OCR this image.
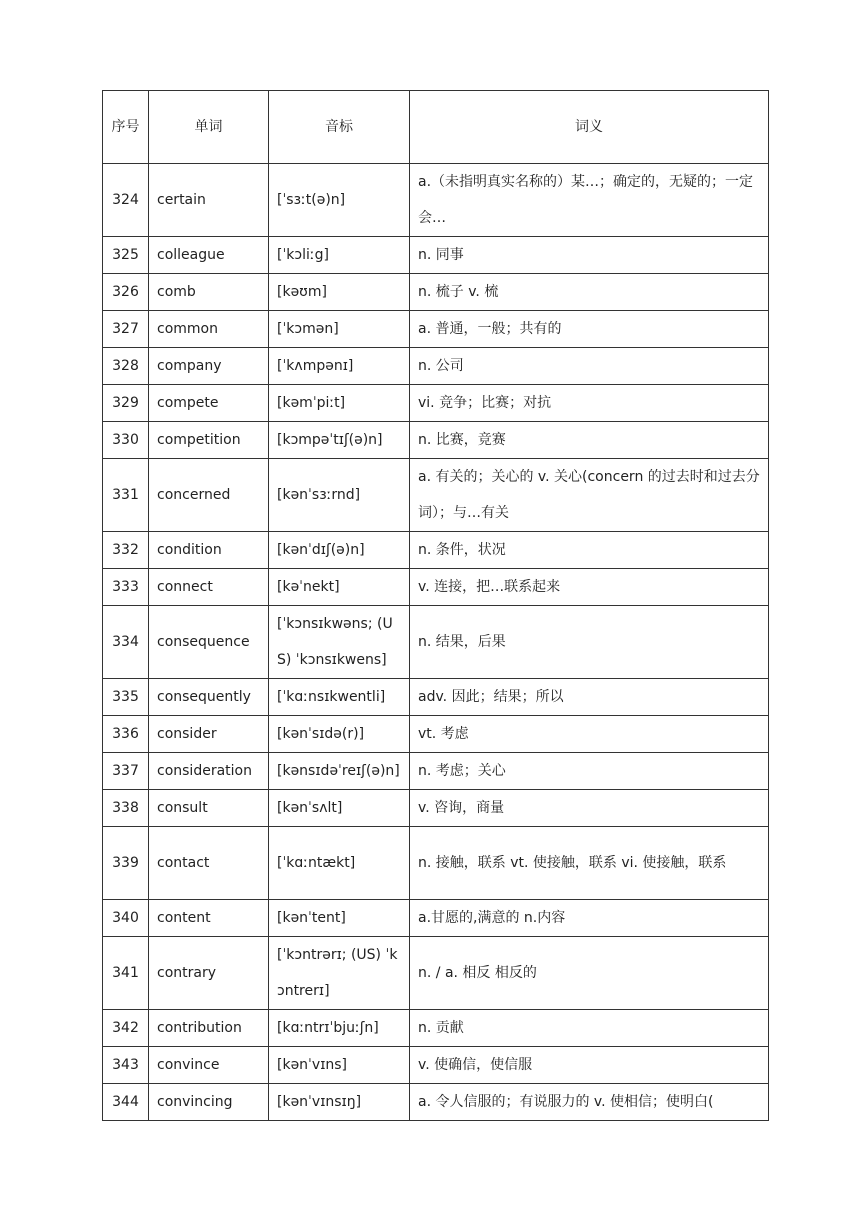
序号	单词	音标	词义
324	certain	[ˈsɜːt(ə)n]	a.（未指明真实名称的）某…；确定的，无疑的；一定会…
325	colleague	[ˈkɔliːg]	n. 同事
326	comb	[kəʊm]	n. 梳子 v. 梳
327	common	[ˈkɔmən]	a. 普通，一般；共有的
328	company	[ˈkʌmpənɪ]	n. 公司
329	compete	[kəmˈpiːt]	vi. 竞争；比赛；对抗
330	competition	[kɔmpəˈtɪʃ(ə)n]	n. 比赛，竞赛
331	concerned	[kənˈsɜːrnd]	a. 有关的；关心的 v. 关心(concern 的过去时和过去分词）；与…有关
332	condition	[kənˈdɪʃ(ə)n]	n. 条件，状况
333	connect	[kəˈnekt]	v. 连接，把…联系起来
334	consequence	[ˈkɔnsɪkwəns; (US) ˈkɔnsɪkwens]	n. 结果，后果
335	consequently	[ˈkɑːnsɪkwentli]	adv. 因此；结果；所以
336	consider	[kənˈsɪdə(r)]	vt. 考虑
337	consideration	[kənsɪdəˈreɪʃ(ə)n]	n. 考虑；关心
338	consult	[kənˈsʌlt]	v. 咨询，商量
339	contact	[ˈkɑːntækt]	n. 接触，联系 vt. 使接触，联系 vi. 使接触，联系
340	content	[kənˈtent]	a.甘愿的,满意的 n.内容
341	contrary	[ˈkɔntrərɪ; (US) ˈkɔntrerɪ]	n. / a. 相反 相反的
342	contribution	[kɑːntrɪˈbjuːʃn]	n. 贡献
343	convince	[kənˈvɪns]	v. 使确信，使信服
344	convincing	[kənˈvɪnsɪŋ]	a. 令人信服的；有说服力的 v. 使相信；使明白(
